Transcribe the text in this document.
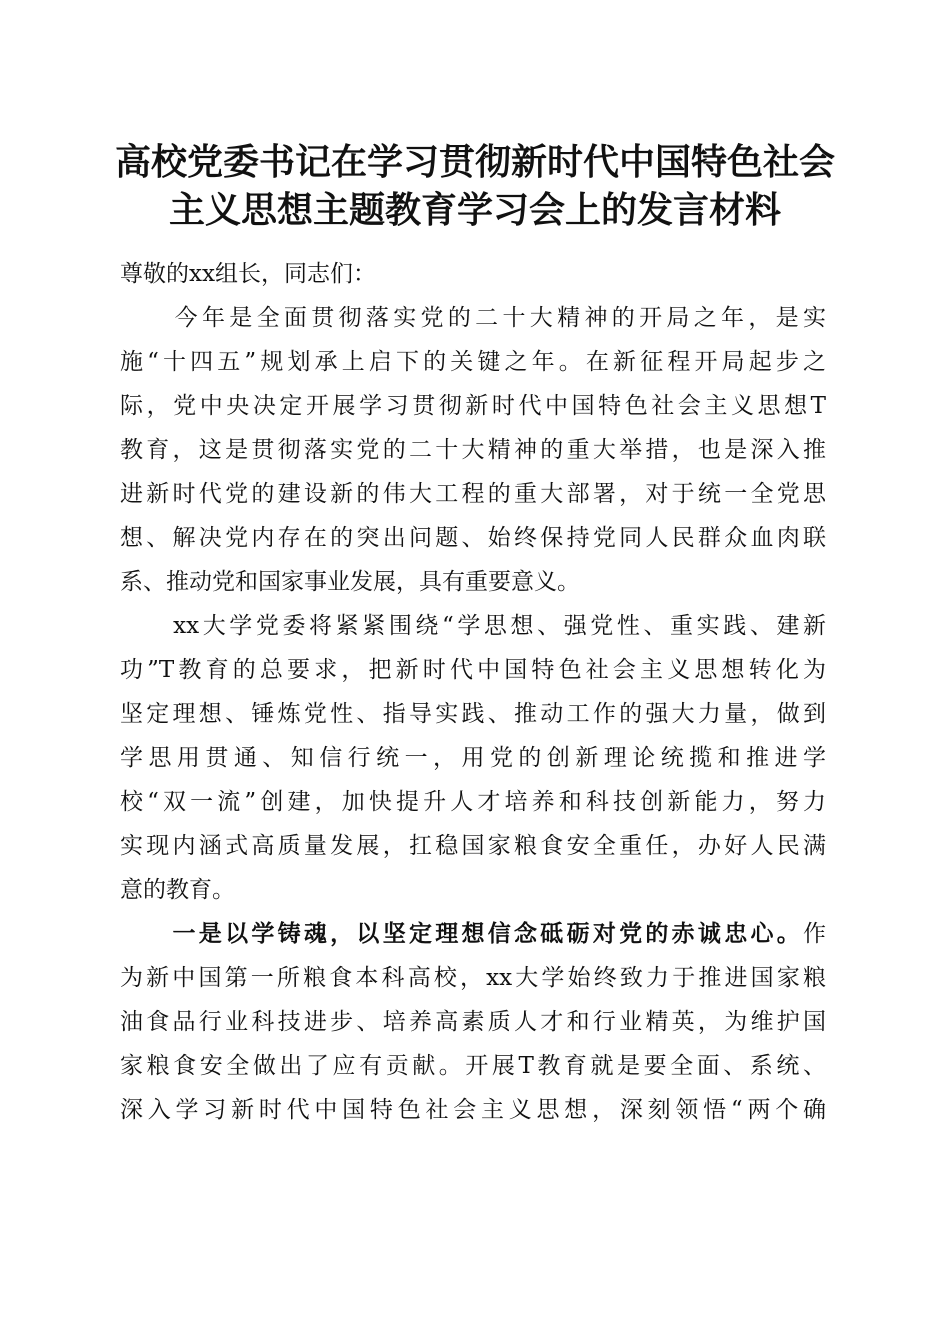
高校党委书记在学习贯彻新时代中国特色社会
主义思想主题教育学习会上的发言材料

尊敬的xx组长，同志们：

　　今年是全面贯彻落实党的二十大精神的开局之年，是实
施“十四五”规划承上启下的关键之年。在新征程开局起步之
际，党中央决定开展学习贯彻新时代中国特色社会主义思想T
教育，这是贯彻落实党的二十大精神的重大举措，也是深入推
进新时代党的建设新的伟大工程的重大部署，对于统一全党思
想、解决党内存在的突出问题、始终保持党同人民群众血肉联
系、推动党和国家事业发展，具有重要意义。

　　xx大学党委将紧紧围绕“学思想、强党性、重实践、建新
功”T教育的总要求，把新时代中国特色社会主义思想转化为
坚定理想、锤炼党性、指导实践、推动工作的强大力量，做到
学思用贯通、知信行统一，用党的创新理论统揽和推进学
校“双一流”创建，加快提升人才培养和科技创新能力，努力
实现内涵式高质量发展，扛稳国家粮食安全重任，办好人民满
意的教育。

　　一是以学铸魂，以坚定理想信念砥砺对党的赤诚忠心。作
为新中国第一所粮食本科高校，xx大学始终致力于推进国家粮
油食品行业科技进步、培养高素质人才和行业精英，为维护国
家粮食安全做出了应有贡献。开展T教育就是要全面、系统、
深入学习新时代中国特色社会主义思想，深刻领悟“两个确
